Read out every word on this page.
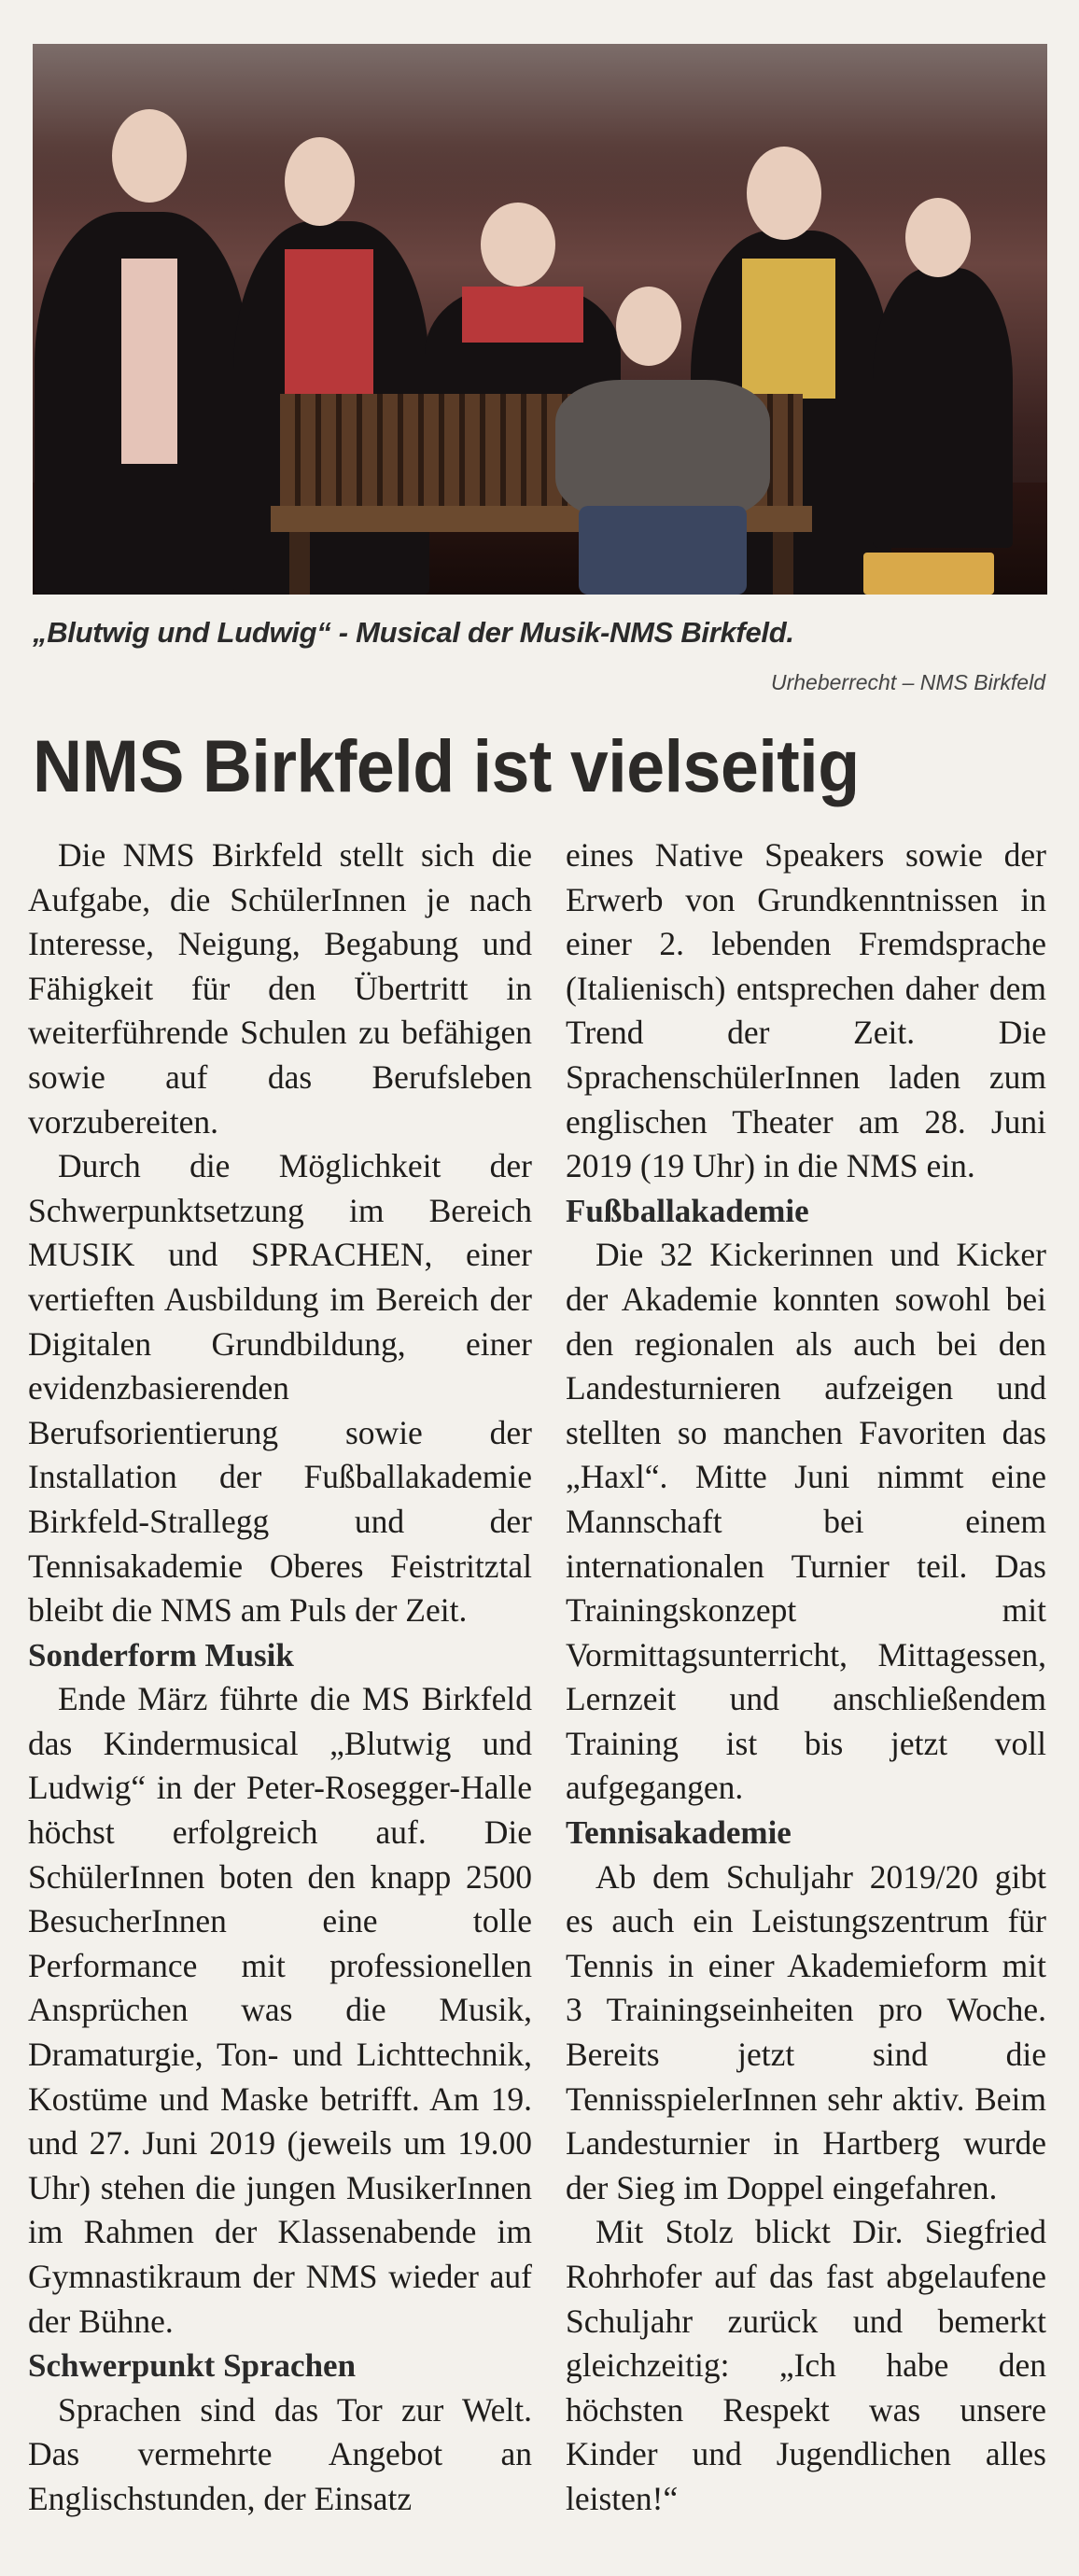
„Blutwig und Ludwig“ - Musical der Musik-NMS Birkfeld.
Urheberrecht – NMS Birkfeld
NMS Birkfeld ist vielseitig

Die NMS Birkfeld stellt sich die Aufgabe, die SchülerInnen je nach Interesse, Neigung, Begabung und Fähigkeit für den Übertritt in weiterführende Schulen zu befähigen sowie auf das Berufsleben vorzubereiten.

Durch die Möglichkeit der Schwerpunktsetzung im Bereich MUSIK und SPRACHEN, einer vertieften Ausbildung im Bereich der Digitalen Grundbildung, einer evidenzbasierenden Berufsorientierung sowie der Installation der Fußballakademie Birkfeld-Strallegg und der Tennisakademie Oberes Feistritztal bleibt die NMS am Puls der Zeit.

Sonderform Musik

Ende März führte die MS Birkfeld das Kindermusical „Blutwig und Ludwig“ in der Peter-Rosegger-Halle höchst erfolgreich auf. Die SchülerInnen boten den knapp 2500 BesucherInnen eine tolle Performance mit professionellen Ansprüchen was die Musik, Dramaturgie, Ton- und Lichttechnik, Kostüme und Maske betrifft. Am 19. und 27. Juni 2019 (jeweils um 19.00 Uhr) stehen die jungen MusikerInnen im Rahmen der Klassenabende im Gymnastikraum der NMS wieder auf der Bühne.

Schwerpunkt Sprachen

Sprachen sind das Tor zur Welt. Das vermehrte Angebot an Englischstunden, der Einsatz

eines Native Speakers sowie der Erwerb von Grundkenntnissen in einer 2. lebenden Fremdsprache (Italienisch) entsprechen daher dem Trend der Zeit. Die SprachenschülerInnen laden zum englischen Theater am 28. Juni 2019 (19 Uhr) in die NMS ein.

Fußballakademie

Die 32 Kickerinnen und Kicker der Akademie konnten sowohl bei den regionalen als auch bei den Landesturnieren aufzeigen und stellten so manchen Favoriten das „Haxl“. Mitte Juni nimmt eine Mannschaft bei einem internationalen Turnier teil. Das Trainingskonzept mit Vormittagsunterricht, Mittagessen, Lernzeit und anschließendem Training ist bis jetzt voll aufgegangen.

Tennisakademie

Ab dem Schuljahr 2019/20 gibt es auch ein Leistungszentrum für Tennis in einer Akademieform mit 3 Trainingseinheiten pro Woche. Bereits jetzt sind die TennisspielerInnen sehr aktiv. Beim Landesturnier in Hartberg wurde der Sieg im Doppel eingefahren.

Mit Stolz blickt Dir. Siegfried Rohrhofer auf das fast abgelaufene Schuljahr zurück und bemerkt gleichzeitig: „Ich habe den höchsten Respekt was unsere Kinder und Jugendlichen alles leisten!“
